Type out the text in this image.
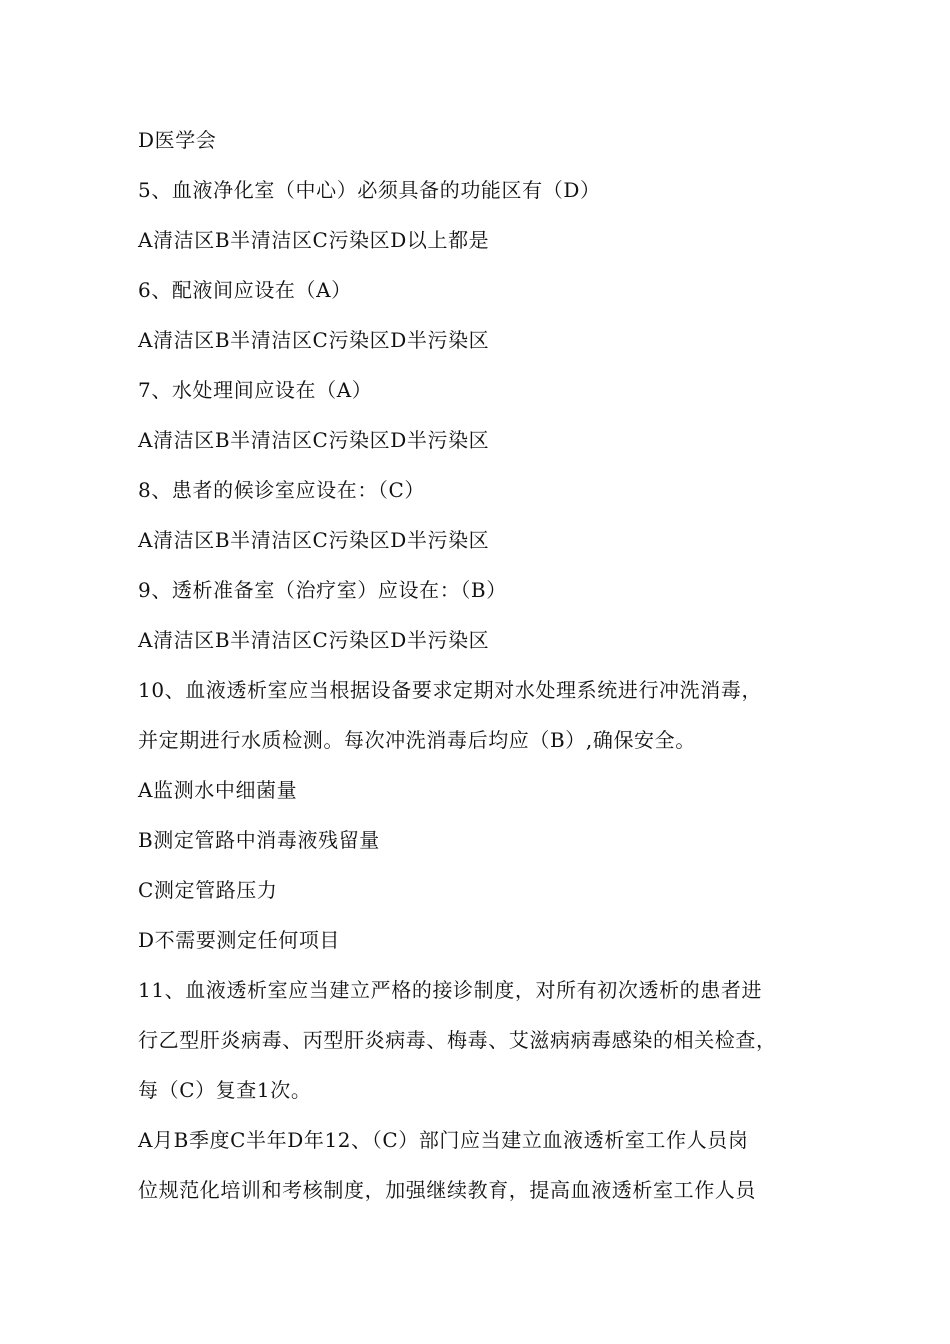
D医学会
5、血液净化室（中心）必须具备的功能区有（D）
A清洁区B半清洁区C污染区D以上都是
6、配液间应设在（A）
A清洁区B半清洁区C污染区D半污染区
7、水处理间应设在（A）
A清洁区B半清洁区C污染区D半污染区
8、患者的候诊室应设在：（C）
A清洁区B半清洁区C污染区D半污染区
9、透析准备室（治疗室）应设在：（B）
A清洁区B半清洁区C污染区D半污染区
10、血液透析室应当根据设备要求定期对水处理系统进行冲洗消毒，
并定期进行水质检测。每次冲洗消毒后均应（B）,确保安全。
A监测水中细菌量
B测定管路中消毒液残留量
C测定管路压力
D不需要测定任何项目
11、血液透析室应当建立严格的接诊制度，对所有初次透析的患者进
行乙型肝炎病毒、丙型肝炎病毒、梅毒、艾滋病病毒感染的相关检查，
每（C）复查1次。
A月B季度C半年D年12、（C）部门应当建立血液透析室工作人员岗
位规范化培训和考核制度，加强继续教育，提高血液透析室工作人员
